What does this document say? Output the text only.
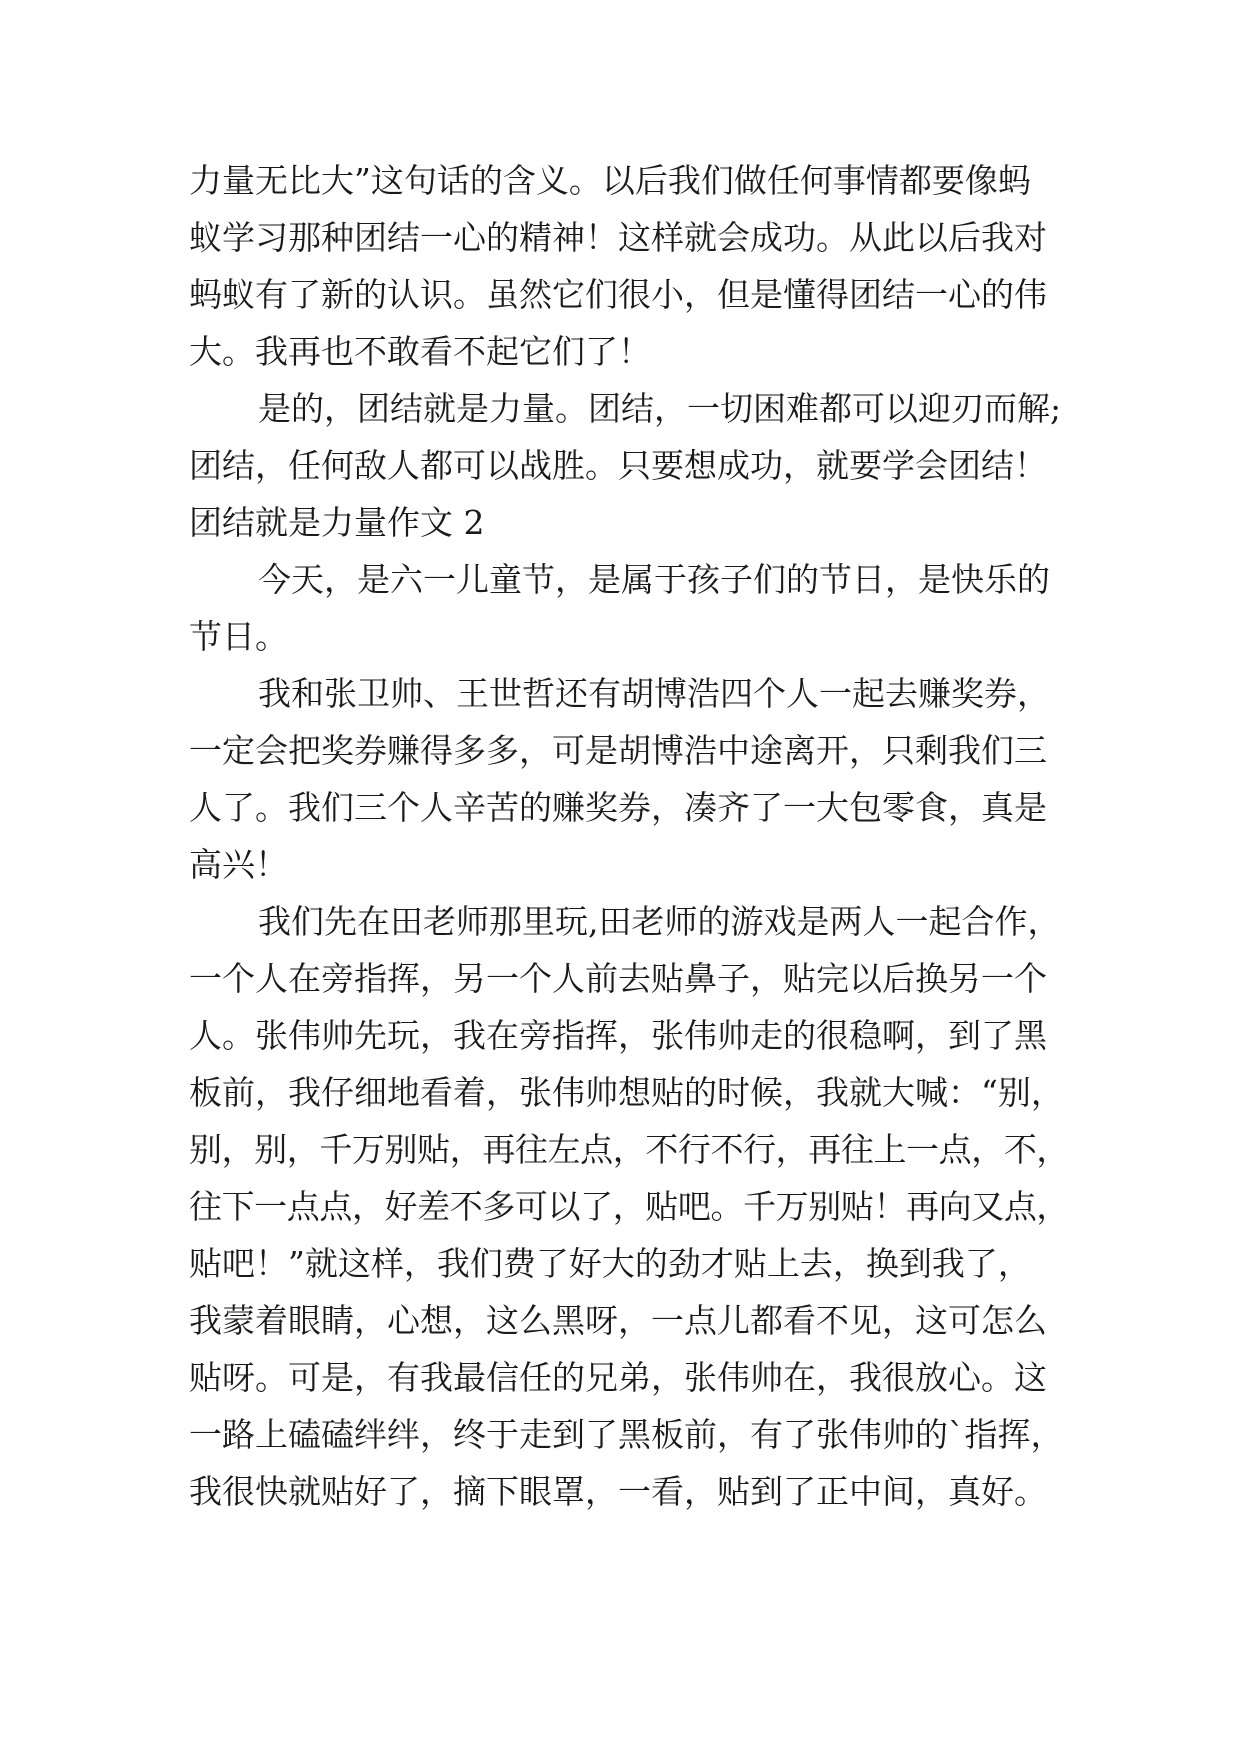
力量无比大”这句话的含义。以后我们做任何事情都要像蚂
蚁学习那种团结一心的精神！这样就会成功。从此以后我对
蚂蚁有了新的认识。虽然它们很小，但是懂得团结一心的伟
大。我再也不敢看不起它们了！
是的，团结就是力量。团结，一切困难都可以迎刃而解;
团结，任何敌人都可以战胜。只要想成功，就要学会团结！
团结就是力量作文 2
今天，是六一儿童节，是属于孩子们的节日，是快乐的
节日。
我和张卫帅、王世哲还有胡博浩四个人一起去赚奖券，
一定会把奖券赚得多多，可是胡博浩中途离开，只剩我们三
人了。我们三个人辛苦的赚奖券，凑齐了一大包零食，真是
高兴！
我们先在田老师那里玩,田老师的游戏是两人一起合作，
一个人在旁指挥，另一个人前去贴鼻子，贴完以后换另一个
人。张伟帅先玩，我在旁指挥，张伟帅走的很稳啊，到了黑
板前，我仔细地看着，张伟帅想贴的时候，我就大喊：“别，
别，别，千万别贴，再往左点，不行不行，再往上一点，不，
往下一点点，好差不多可以了，贴吧。千万别贴！再向又点，
贴吧！”就这样，我们费了好大的劲才贴上去，换到我了，
我蒙着眼睛，心想，这么黑呀，一点儿都看不见，这可怎么
贴呀。可是，有我最信任的兄弟，张伟帅在，我很放心。这
一路上磕磕绊绊，终于走到了黑板前，有了张伟帅的`指挥，
我很快就贴好了，摘下眼罩，一看，贴到了正中间，真好。
